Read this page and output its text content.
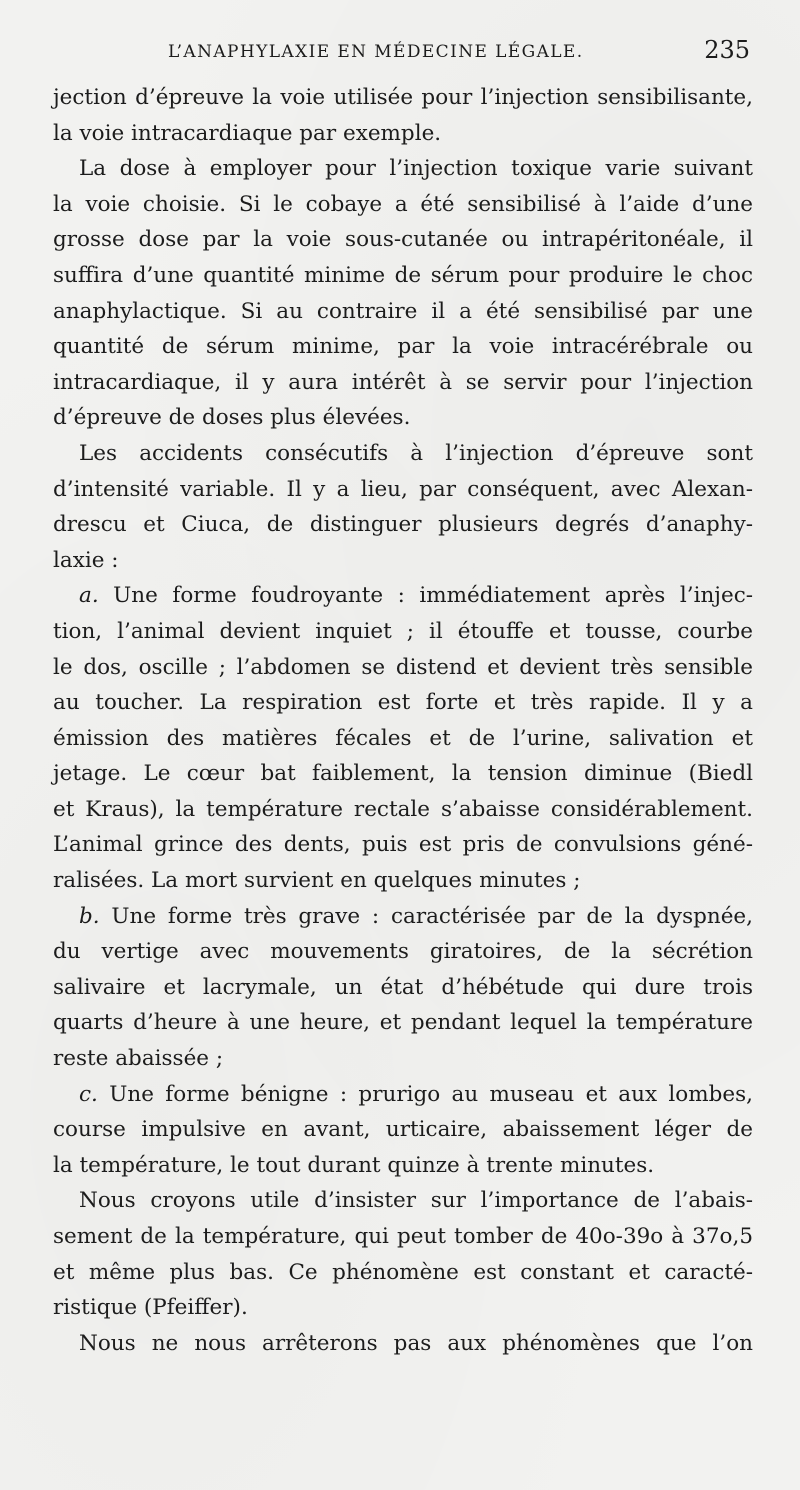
L’ANAPHYLAXIE EN MÉDECINE LÉGALE.	235
jection d’épreuve la voie utilisée pour l’injection sensibilisante,
la voie intracardiaque par exemple.
La dose à employer pour l’injection toxique varie suivant
la voie choisie. Si le cobaye a été sensibilisé à l’aide d’une
grosse dose par la voie sous-cutanée ou intrapéritonéale, il
suffira d’une quantité minime de sérum pour produire le choc
anaphylactique. Si au contraire il a été sensibilisé par une
quantité de sérum minime, par la voie intracérébrale ou
intracardiaque, il y aura intérêt à se servir pour l’injection
d’épreuve de doses plus élevées.
Les accidents consécutifs à l’injection d’épreuve sont
d’intensité variable. Il y a lieu, par conséquent, avec Alexan-
drescu et Ciuca, de distinguer plusieurs degrés d’anaphy-
laxie :
a. Une forme foudroyante : immédiatement après l’injec-
tion, l’animal devient inquiet ; il étouffe et tousse, courbe
le dos, oscille ; l’abdomen se distend et devient très sensible
au toucher. La respiration est forte et très rapide. Il y a
émission des matières fécales et de l’urine, salivation et
jetage. Le cœur bat faiblement, la tension diminue (Biedl
et Kraus), la température rectale s’abaisse considérablement.
L’animal grince des dents, puis est pris de convulsions géné-
ralisées. La mort survient en quelques minutes ;
b. Une forme très grave : caractérisée par de la dyspnée,
du vertige avec mouvements giratoires, de la sécrétion
salivaire et lacrymale, un état d’hébétude qui dure trois
quarts d’heure à une heure, et pendant lequel la température
reste abaissée ;
c. Une forme bénigne : prurigo au museau et aux lombes,
course impulsive en avant, urticaire, abaissement léger de
la température, le tout durant quinze à trente minutes.
Nous croyons utile d’insister sur l’importance de l’abais-
sement de la température, qui peut tomber de 40o-39o à 37o,5
et même plus bas. Ce phénomène est constant et caracté-
ristique (Pfeiffer).
Nous ne nous arrêterons pas aux phénomènes que l’on
